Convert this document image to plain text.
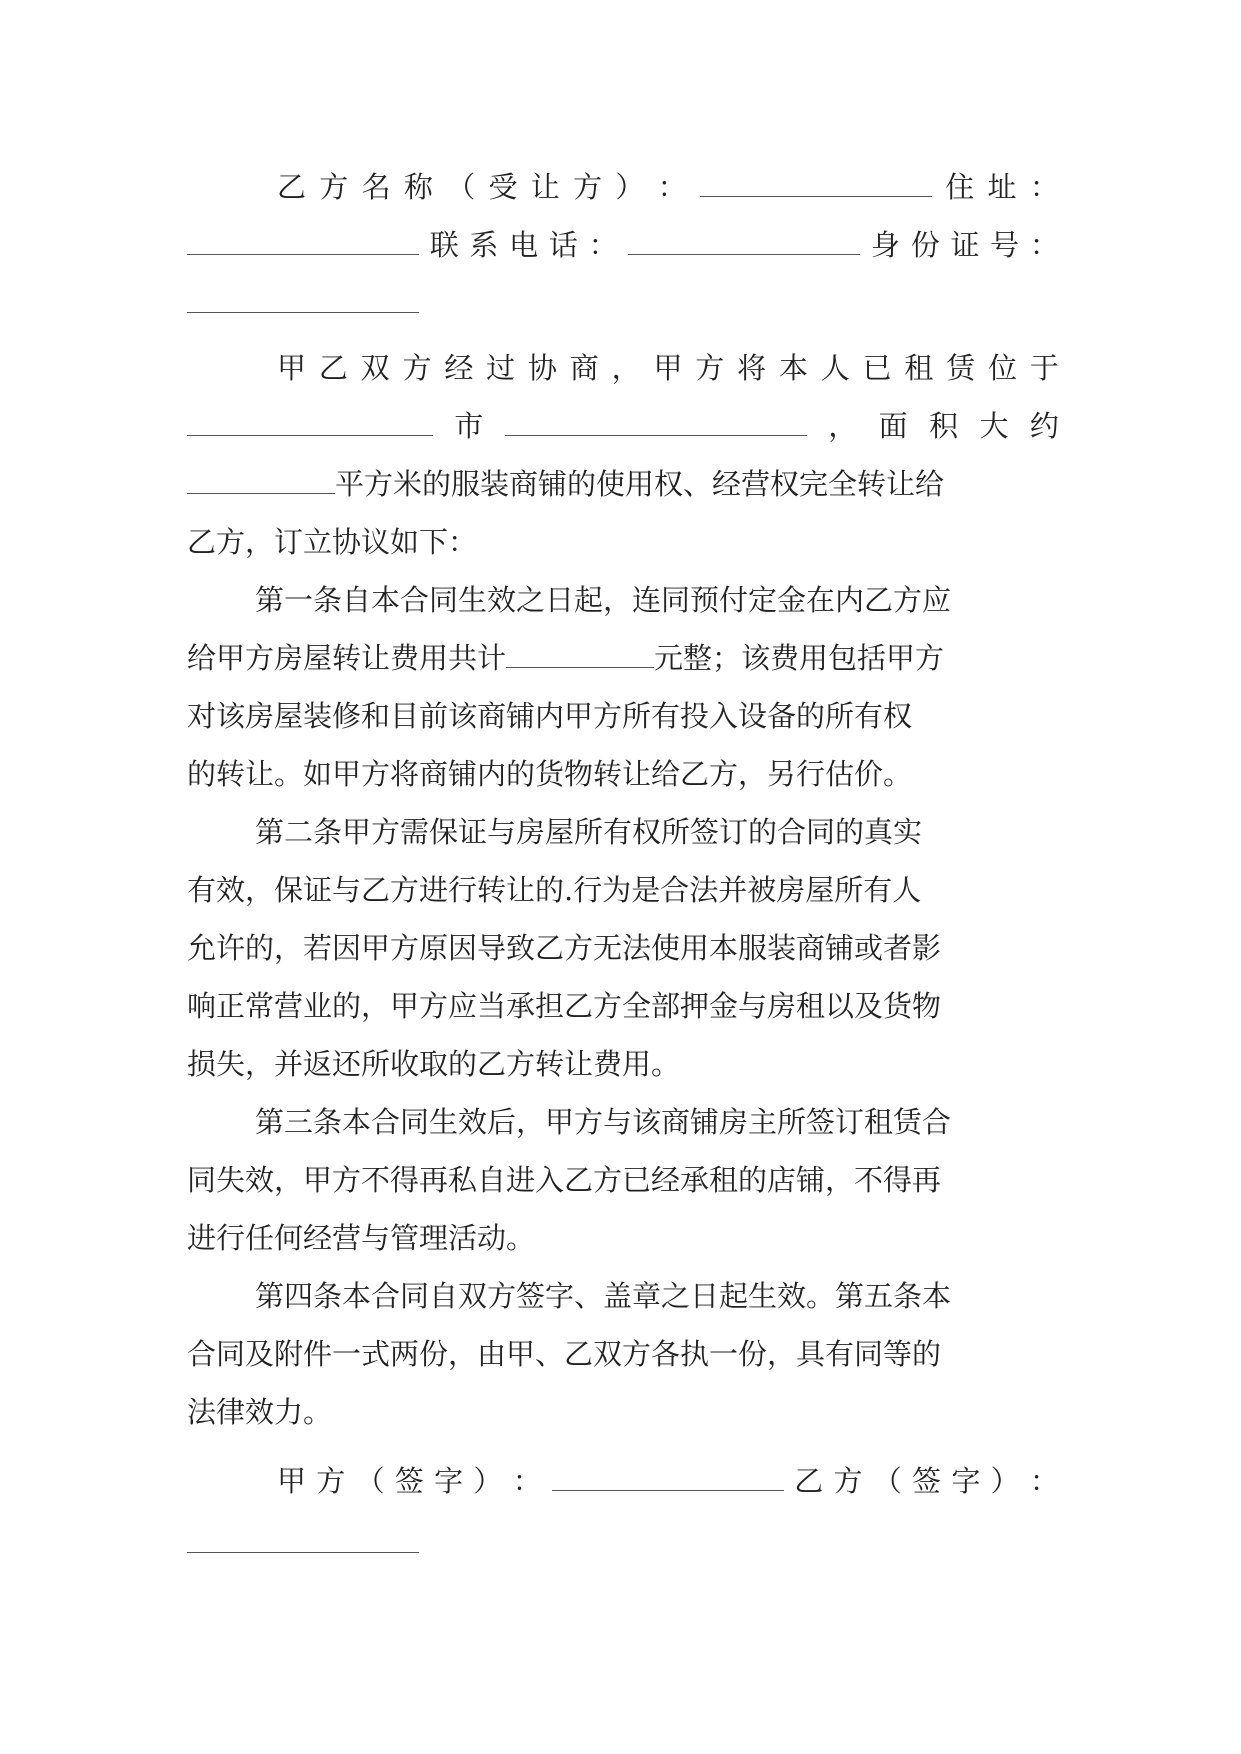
乙 方 名 称 （ 受 让 方 ） ：	住 址 ：
联 系 电 话 ：	身 份 证 号 ：
甲 乙 双 方 经 过 协 商 ， 甲 方 将 本 人 已 租 赁 位 于
市	， 面 积 大 约
平方米的服装商铺的使用权、经营权完全转让给
乙方，订立协议如下：
第一条自本合同生效之日起，连同预付定金在内乙方应
给甲方房屋转让费用共计	元整；该费用包括甲方
对该房屋装修和目前该商铺内甲方所有投入设备的所有权
的转让。如甲方将商铺内的货物转让给乙方，另行估价。
第二条甲方需保证与房屋所有权所签订的合同的真实
有效，保证与乙方进行转让的.行为是合法并被房屋所有人
允许的，若因甲方原因导致乙方无法使用本服装商铺或者影
响正常营业的，甲方应当承担乙方全部押金与房租以及货物
损失，并返还所收取的乙方转让费用。
第三条本合同生效后，甲方与该商铺房主所签订租赁合
同失效，甲方不得再私自进入乙方已经承租的店铺，不得再
进行任何经营与管理活动。
第四条本合同自双方签字、盖章之日起生效。第五条本
合同及附件一式两份，由甲、乙双方各执一份，具有同等的
法律效力。
甲 方 （ 签 字 ） ：	乙 方 （ 签 字 ） ：
